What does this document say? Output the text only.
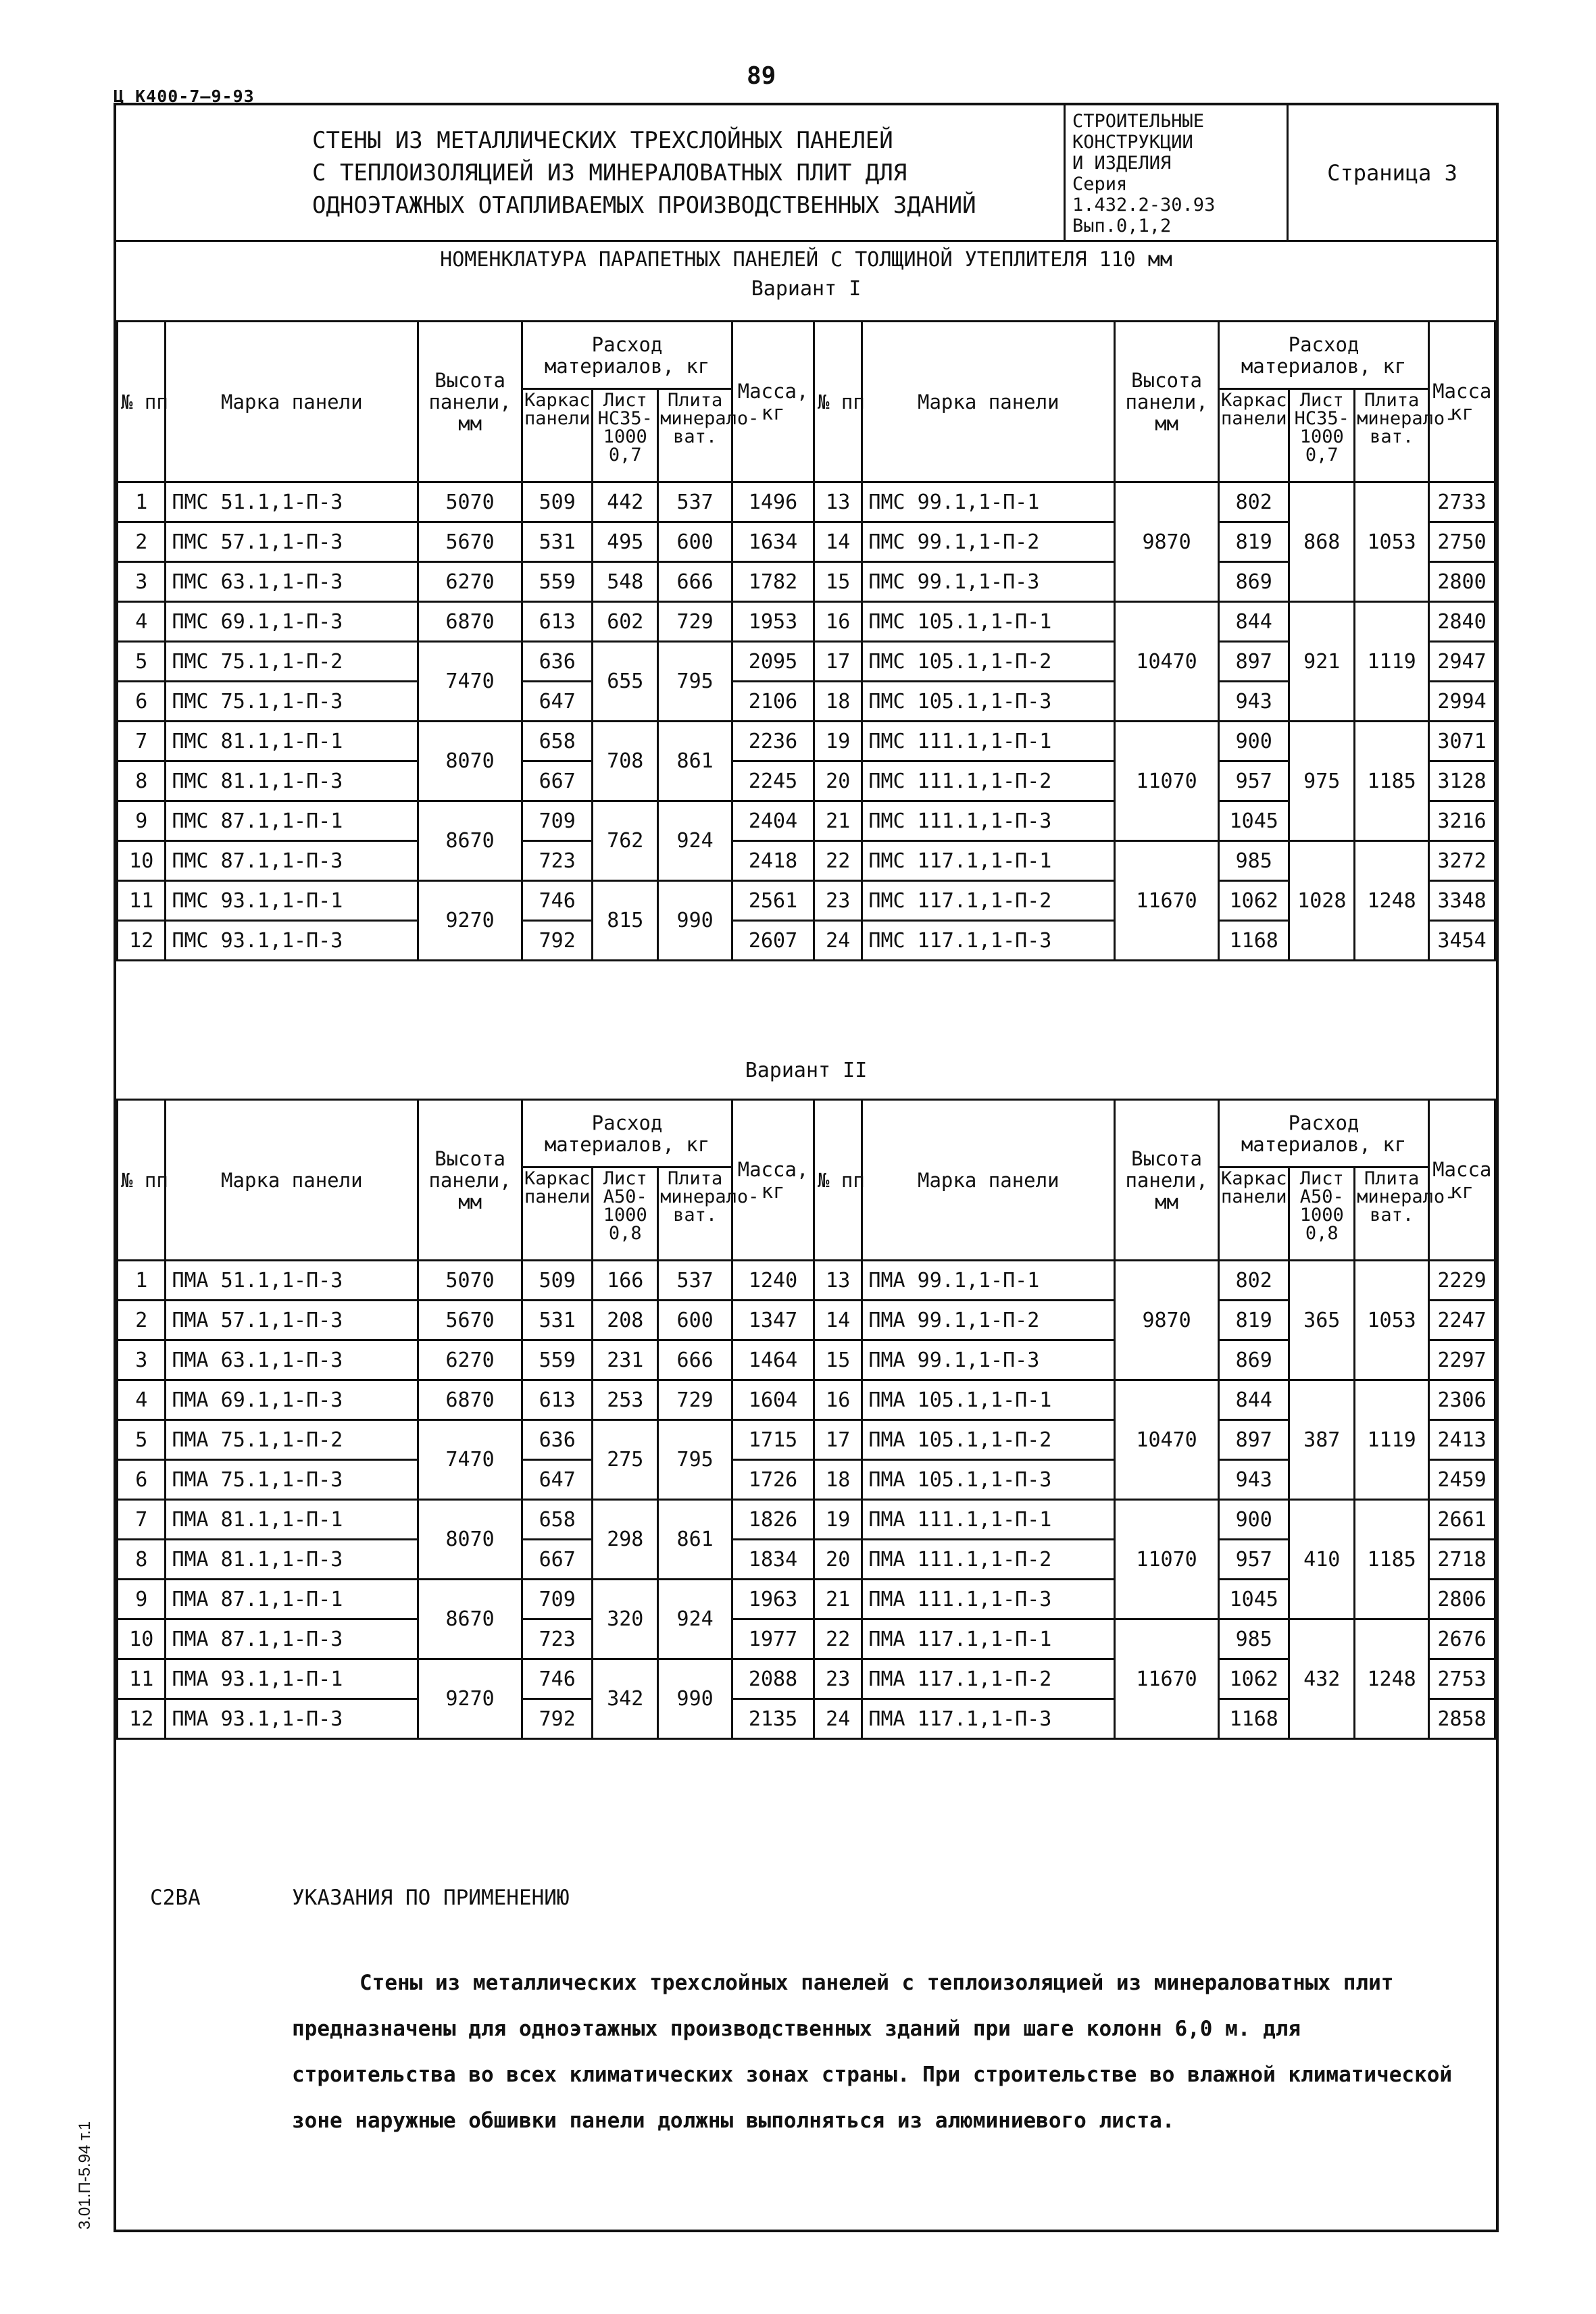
89
Ц К400-7—9-93
СТЕНЫ ИЗ МЕТАЛЛИЧЕСКИХ ТРЕХСЛОЙНЫХ ПАНЕЛЕЙ
С ТЕПЛОИЗОЛЯЦИЕЙ ИЗ МИНЕРАЛОВАТНЫХ ПЛИТ ДЛЯ
ОДНОЭТАЖНЫХ ОТАПЛИВАЕМЫХ ПРОИЗВОДСТВЕННЫХ ЗДАНИЙ
СТРОИТЕЛЬНЫЕ
КОНСТРУКЦИИ
И ИЗДЕЛИЯ
Серия
1.432.2-30.93
Вып.0,1,2
Страница 3
НОМЕНКЛАТУРА ПАРАПЕТНЫХ ПАНЕЛЕЙ С ТОЛЩИНОЙ УТЕПЛИТЕЛЯ 110 мм
Вариант I
№ пп	Марка панели	Высота панели, мм	Расход материалов, кг			Масса, кг	№ пп	Марка панели	Высота панели, мм	Расход материалов, кг			Масса, кг
			Каркас панели	Лист НС35-1000 0,7	Плита минерало-ват.					Каркас панели	Лист НС35-1000 0,7	Плита минерало-ват.	
1	ПМС 51.1,1-П-3	5070	509	442	537	1496	13	ПМС 99.1,1-П-1	9870	802	868	1053	2733
2	ПМС 57.1,1-П-3	5670	531	495	600	1634	14	ПМС 99.1,1-П-2		819			2750
3	ПМС 63.1,1-П-3	6270	559	548	666	1782	15	ПМС 99.1,1-П-3		869			2800
4	ПМС 69.1,1-П-3	6870	613	602	729	1953	16	ПМС 105.1,1-П-1	10470	844	921	1119	2840
5	ПМС 75.1,1-П-2	7470	636	655	795	2095	17	ПМС 105.1,1-П-2		897			2947
6	ПМС 75.1,1-П-3		647			2106	18	ПМС 105.1,1-П-3		943			2994
7	ПМС 81.1,1-П-1	8070	658	708	861	2236	19	ПМС 111.1,1-П-1	11070	900	975	1185	3071
8	ПМС 81.1,1-П-3		667			2245	20	ПМС 111.1,1-П-2		957			3128
9	ПМС 87.1,1-П-1	8670	709	762	924	2404	21	ПМС 111.1,1-П-3		1045			3216
10	ПМС 87.1,1-П-3		723			2418	22	ПМС 117.1,1-П-1	11670	985	1028	1248	3272
11	ПМС 93.1,1-П-1	9270	746	815	990	2561	23	ПМС 117.1,1-П-2		1062			3348
12	ПМС 93.1,1-П-3		792			2607	24	ПМС 117.1,1-П-3		1168			3454
Вариант II
№ пп	Марка панели	Высота панели, мм	Расход материалов, кг			Масса, кг	№ пп	Марка панели	Высота панели, мм	Расход материалов, кг			Масса, кг
			Каркас панели	Лист А50-1000 0,8	Плита минерало-ват.					Каркас панели	Лист А50-1000 0,8	Плита минерало-ват.	
1	ПМА 51.1,1-П-3	5070	509	166	537	1240	13	ПМА 99.1,1-П-1	9870	802	365	1053	2229
2	ПМА 57.1,1-П-3	5670	531	208	600	1347	14	ПМА 99.1,1-П-2		819			2247
3	ПМА 63.1,1-П-3	6270	559	231	666	1464	15	ПМА 99.1,1-П-3		869			2297
4	ПМА 69.1,1-П-3	6870	613	253	729	1604	16	ПМА 105.1,1-П-1	10470	844	387	1119	2306
5	ПМА 75.1,1-П-2	7470	636	275	795	1715	17	ПМА 105.1,1-П-2		897			2413
6	ПМА 75.1,1-П-3		647			1726	18	ПМА 105.1,1-П-3		943			2459
7	ПМА 81.1,1-П-1	8070	658	298	861	1826	19	ПМА 111.1,1-П-1	11070	900	410	1185	2661
8	ПМА 81.1,1-П-3		667			1834	20	ПМА 111.1,1-П-2		957			2718
9	ПМА 87.1,1-П-1	8670	709	320	924	1963	21	ПМА 111.1,1-П-3		1045			2806
10	ПМА 87.1,1-П-3		723			1977	22	ПМА 117.1,1-П-1	11670	985	432	1248	2676
11	ПМА 93.1,1-П-1	9270	746	342	990	2088	23	ПМА 117.1,1-П-2		1062			2753
12	ПМА 93.1,1-П-3		792			2135	24	ПМА 117.1,1-П-3		1168			2858
С2ВА	УКАЗАНИЯ ПО ПРИМЕНЕНИЮ
Стены из металлических трехслойных панелей с теплоизоляцией из минераловатных плит предназначены для одноэтажных производственных зданий при шаге колонн 6,0 м. для строительства во всех климатических зонах страны. При строительстве во влажной климатической зоне наружные обшивки панели должны выполняться из алюминиевого листа.
3.01.П-5.94 т.1
